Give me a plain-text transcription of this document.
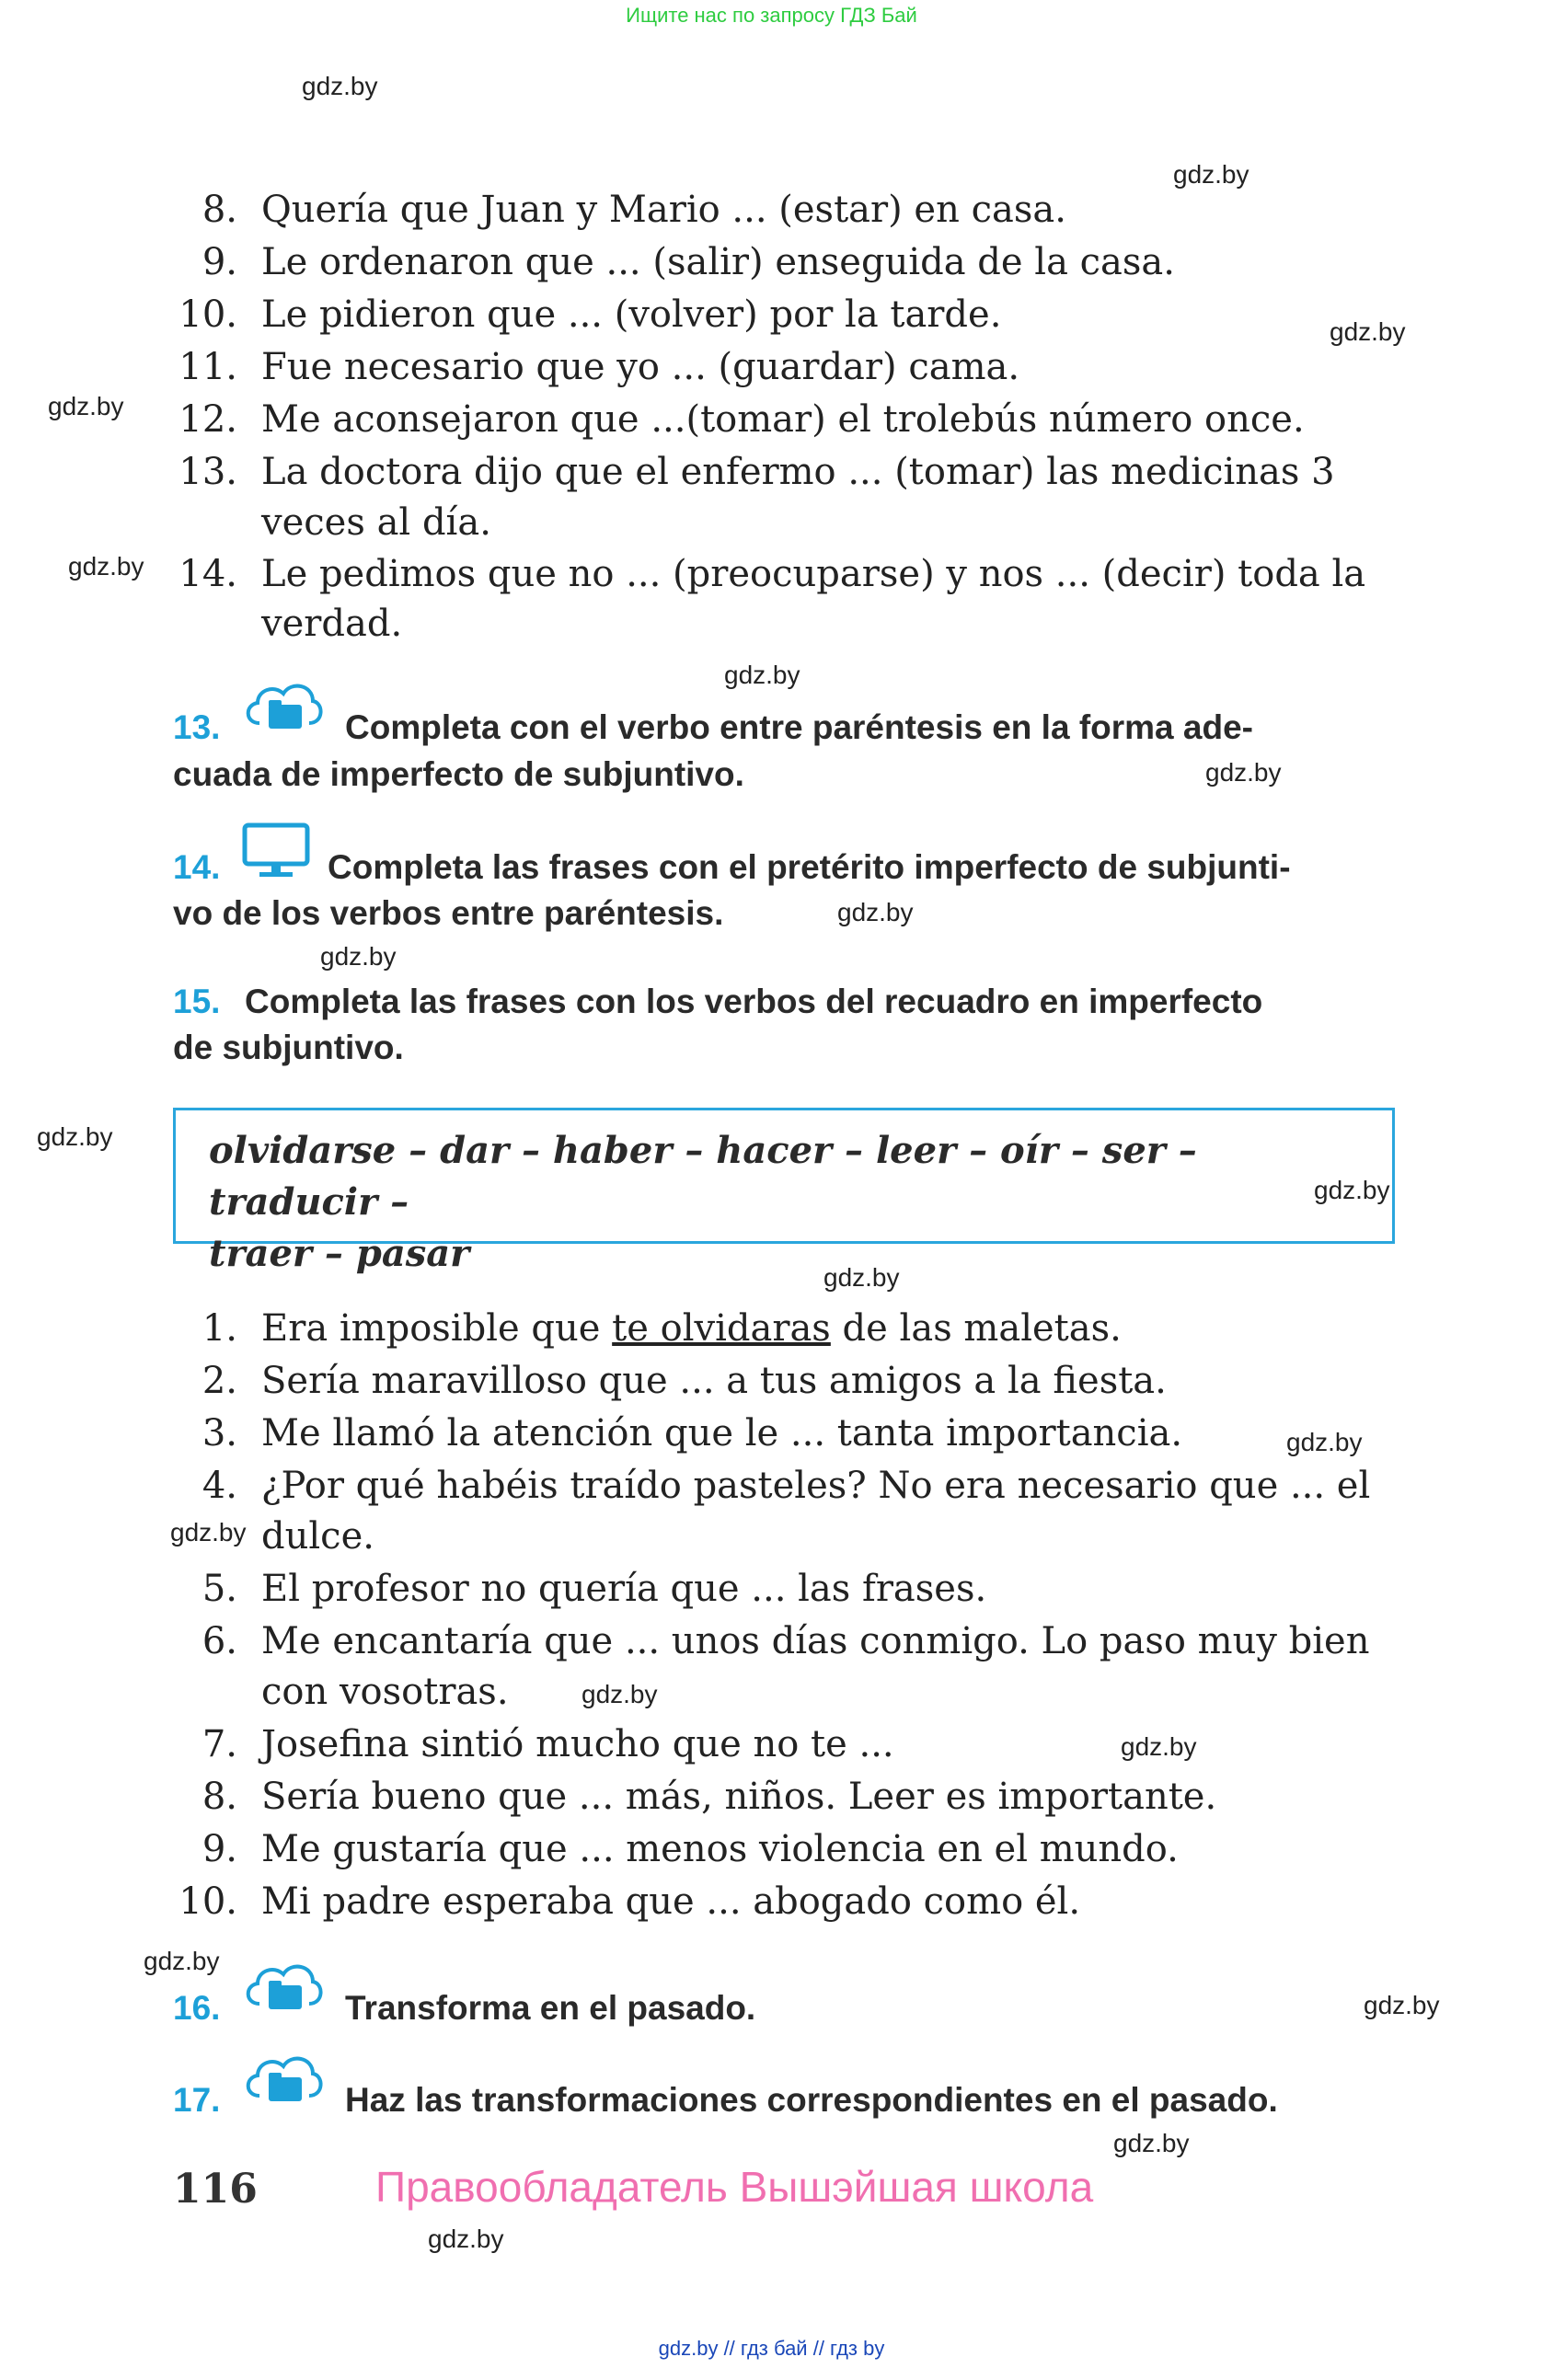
Ищите нас по запросу ГДЗ Бай
gdz.by
gdz.by
gdz.by
gdz.by
gdz.by
gdz.by
gdz.by
gdz.by
gdz.by
gdz.by
gdz.by
gdz.by
gdz.by
gdz.by
gdz.by
gdz.by
gdz.by
gdz.by
gdz.by
gdz.by
8. Quería que Juan y Mario ... (estar) en casa.
9. Le ordenaron que ... (salir) enseguida de la casa.
10. Le pidieron que ... (volver) por la tarde.
11. Fue necesario que yo ... (guardar) cama.
12. Me aconsejaron que ...(tomar) el trolebús número once.
13. La doctora dijo que el enfermo ... (tomar) las medicinas 3
veces al día.
14. Le pedimos que no ... (preocuparse) y nos ... (decir) toda la
verdad.
13.	Completa con el verbo entre paréntesis en la forma ade-
cuada de imperfecto de subjuntivo.
14.	Completa las frases con el pretérito imperfecto de subjunti-
vo de los verbos entre paréntesis.
15. Completa las frases con los verbos del recuadro en imperfecto
de subjuntivo.
olvidarse – dar – haber – hacer – leer – oír – ser – traducir –
traer – pasar
1. Era imposible que te olvidaras de las maletas.
2. Sería maravilloso que ... a tus amigos a la fiesta.
3. Me llamó la atención que le ... tanta importancia.
4. ¿Por qué habéis traído pasteles? No era necesario que ... el
dulce.
5. El profesor no quería que ... las frases.
6. Me encantaría que ... unos días conmigo. Lo paso muy bien
con vosotras.
7. Josefina sintió mucho que no te ...
8. Sería bueno que ... más, niños. Leer es importante.
9. Me gustaría que ... menos violencia en el mundo.
10. Mi padre esperaba que ... abogado como él.
16.	Transforma en el pasado.
17.	Haz las transformaciones correspondientes en el pasado.
116	Правообладатель Вышэйшая школа
gdz.by // гдз бай // гдз by
